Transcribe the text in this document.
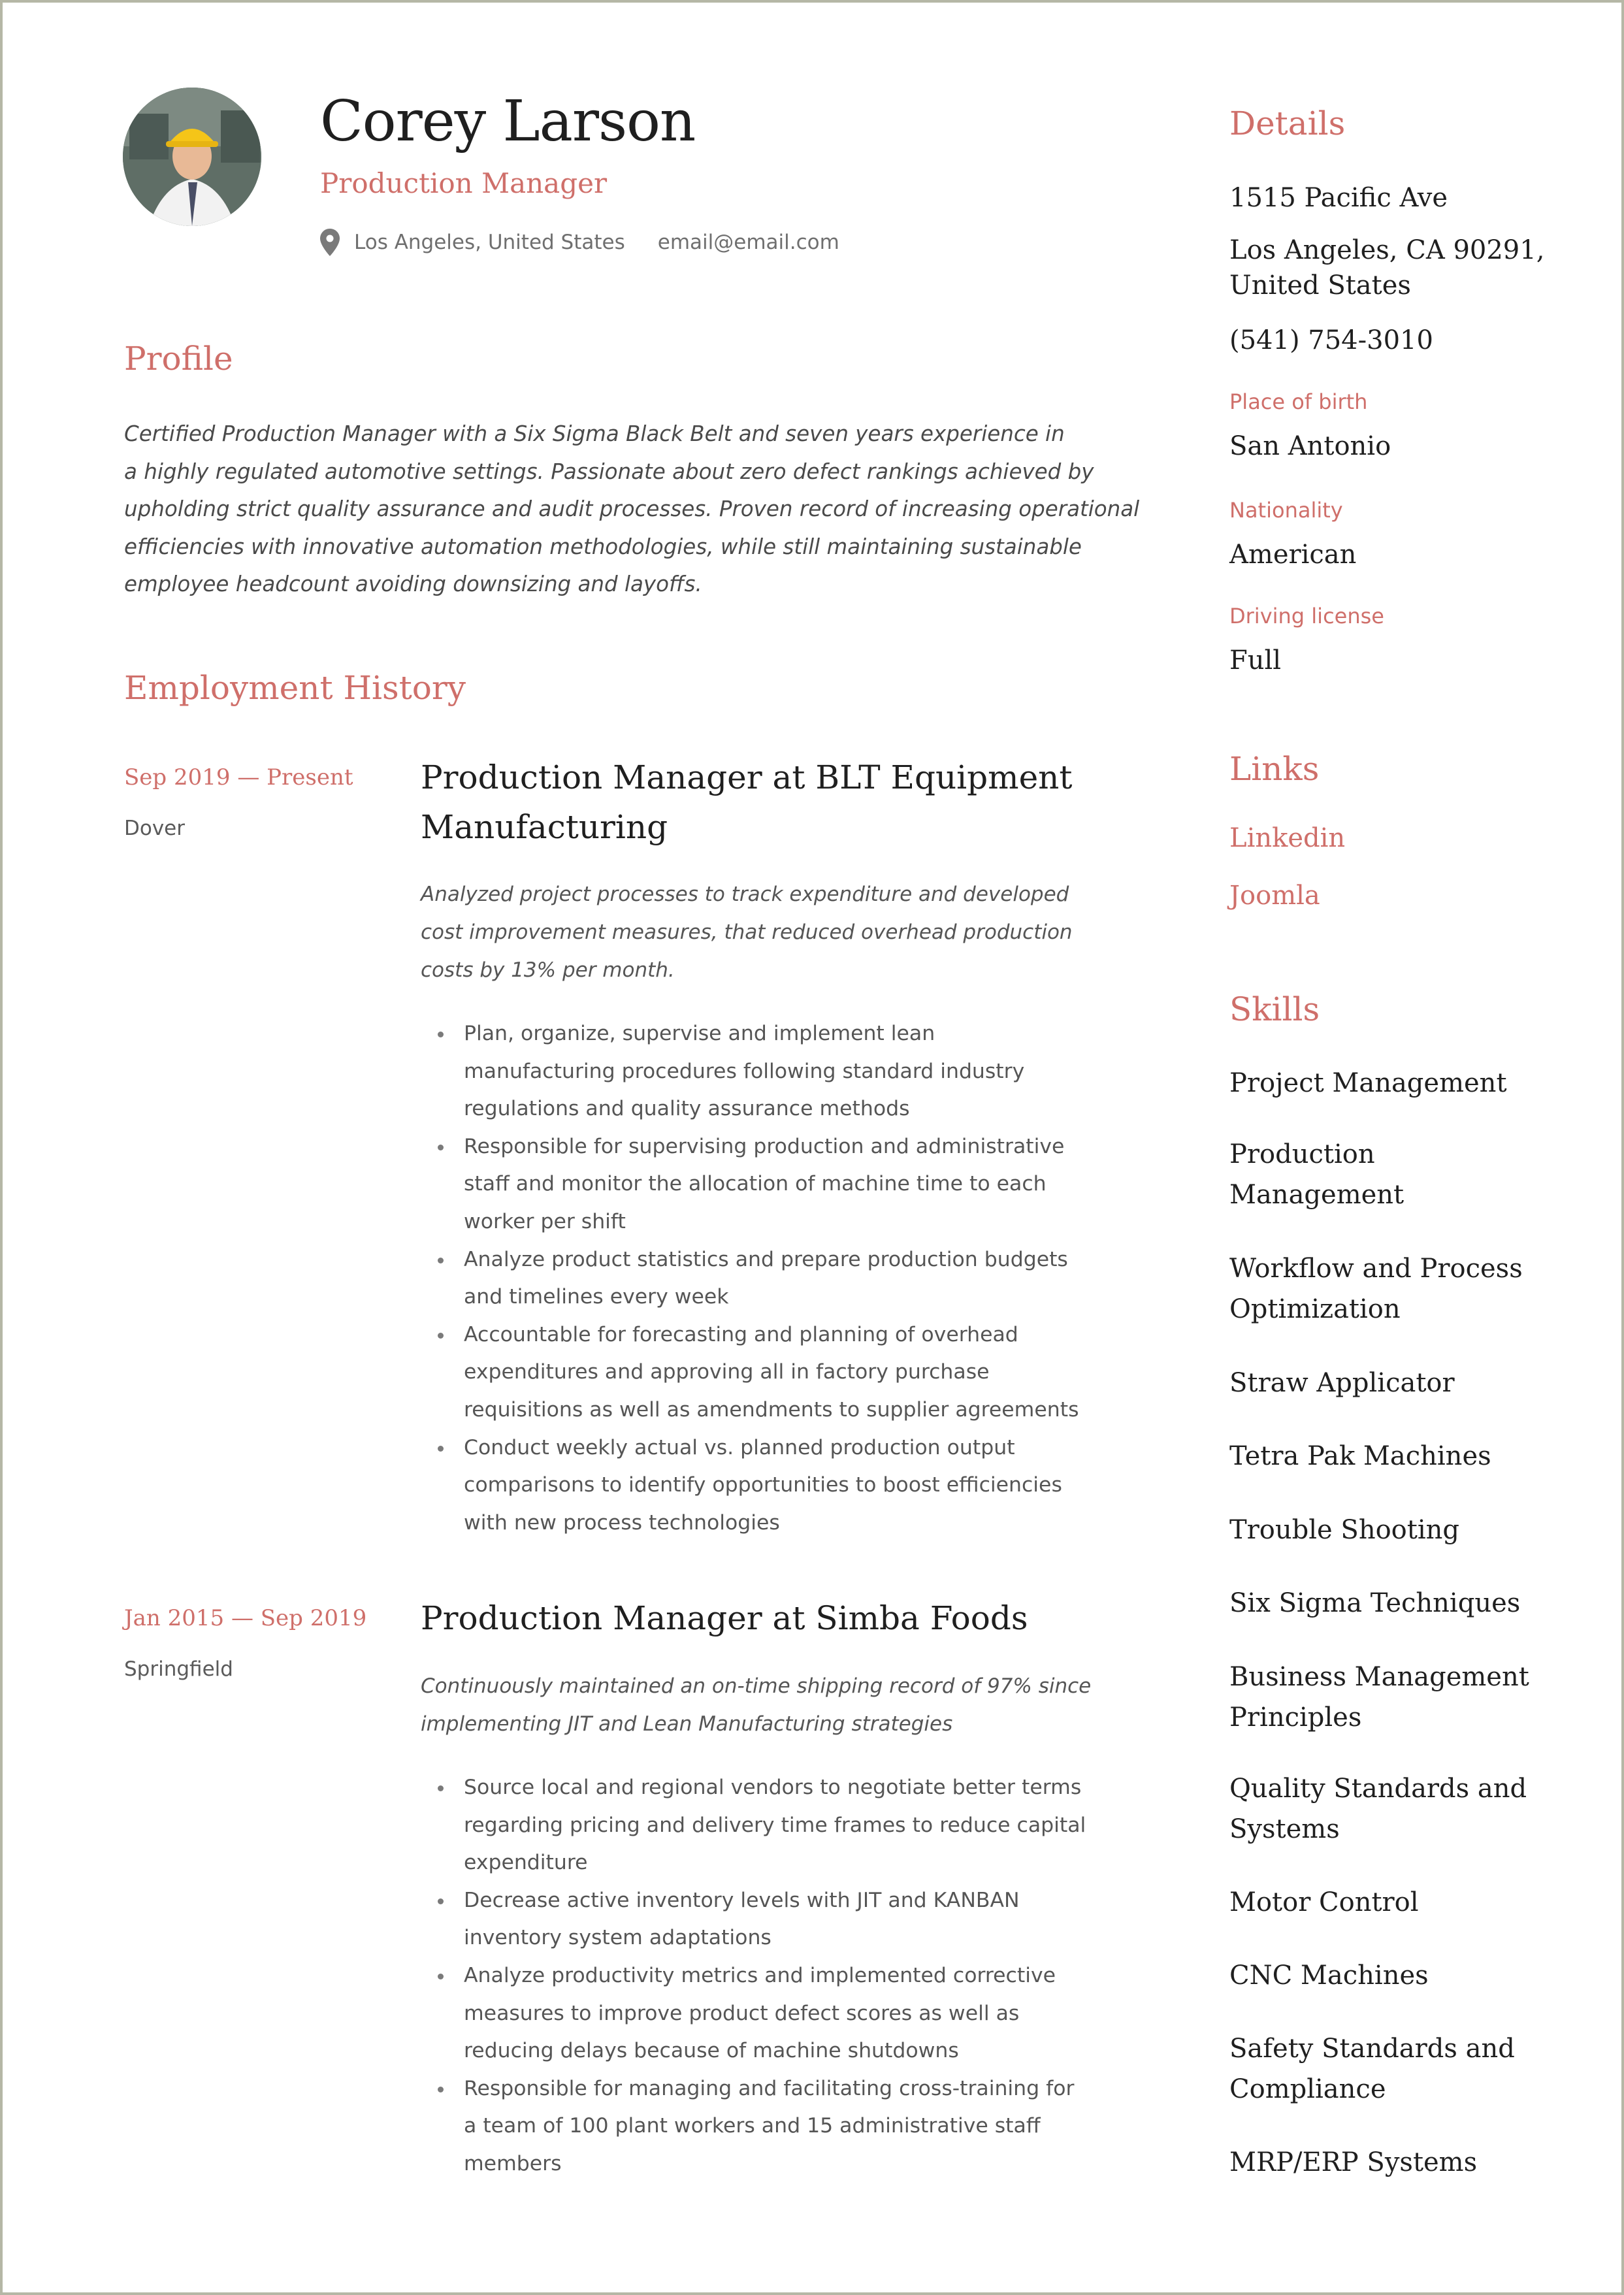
Corey Larson
Production Manager
Los Angeles, United States email@email.com
Profile
Certified Production Manager with a Six Sigma Black Belt and seven years experience in
a highly regulated automotive settings. Passionate about zero defect rankings achieved by
upholding strict quality assurance and audit processes. Proven record of increasing operational
efficiencies with innovative automation methodologies, while still maintaining sustainable
employee headcount avoiding downsizing and layoffs.
Employment History
Sep 2019 — Present
Dover
Production Manager at BLT Equipment
Manufacturing
Analyzed project processes to track expenditure and developed
cost improvement measures, that reduced overhead production
costs by 13% per month.
Plan, organize, supervise and implement lean
manufacturing procedures following standard industry
regulations and quality assurance methods
Responsible for supervising production and administrative
staff and monitor the allocation of machine time to each
worker per shift
Analyze product statistics and prepare production budgets
and timelines every week
Accountable for forecasting and planning of overhead
expenditures and approving all in factory purchase
requisitions as well as amendments to supplier agreements
Conduct weekly actual vs. planned production output
comparisons to identify opportunities to boost efficiencies
with new process technologies
Jan 2015 — Sep 2019
Springfield
Production Manager at Simba Foods
Continuously maintained an on-time shipping record of 97% since
implementing JIT and Lean Manufacturing strategies
Source local and regional vendors to negotiate better terms
regarding pricing and delivery time frames to reduce capital
expenditure
Decrease active inventory levels with JIT and KANBAN
inventory system adaptations
Analyze productivity metrics and implemented corrective
measures to improve product defect scores as well as
reducing delays because of machine shutdowns
Responsible for managing and facilitating cross-training for
a team of 100 plant workers and 15 administrative staff
members
Details
1515 Pacific Ave
Los Angeles, CA 90291,
United States
(541) 754-3010
Place of birth
San Antonio
Nationality
American
Driving license
Full
Links
Linkedin
Joomla
Skills
Project Management
Production
Management
Workflow and Process
Optimization
Straw Applicator
Tetra Pak Machines
Trouble Shooting
Six Sigma Techniques
Business Management
Principles
Quality Standards and
Systems
Motor Control
CNC Machines
Safety Standards and
Compliance
MRP/ERP Systems
